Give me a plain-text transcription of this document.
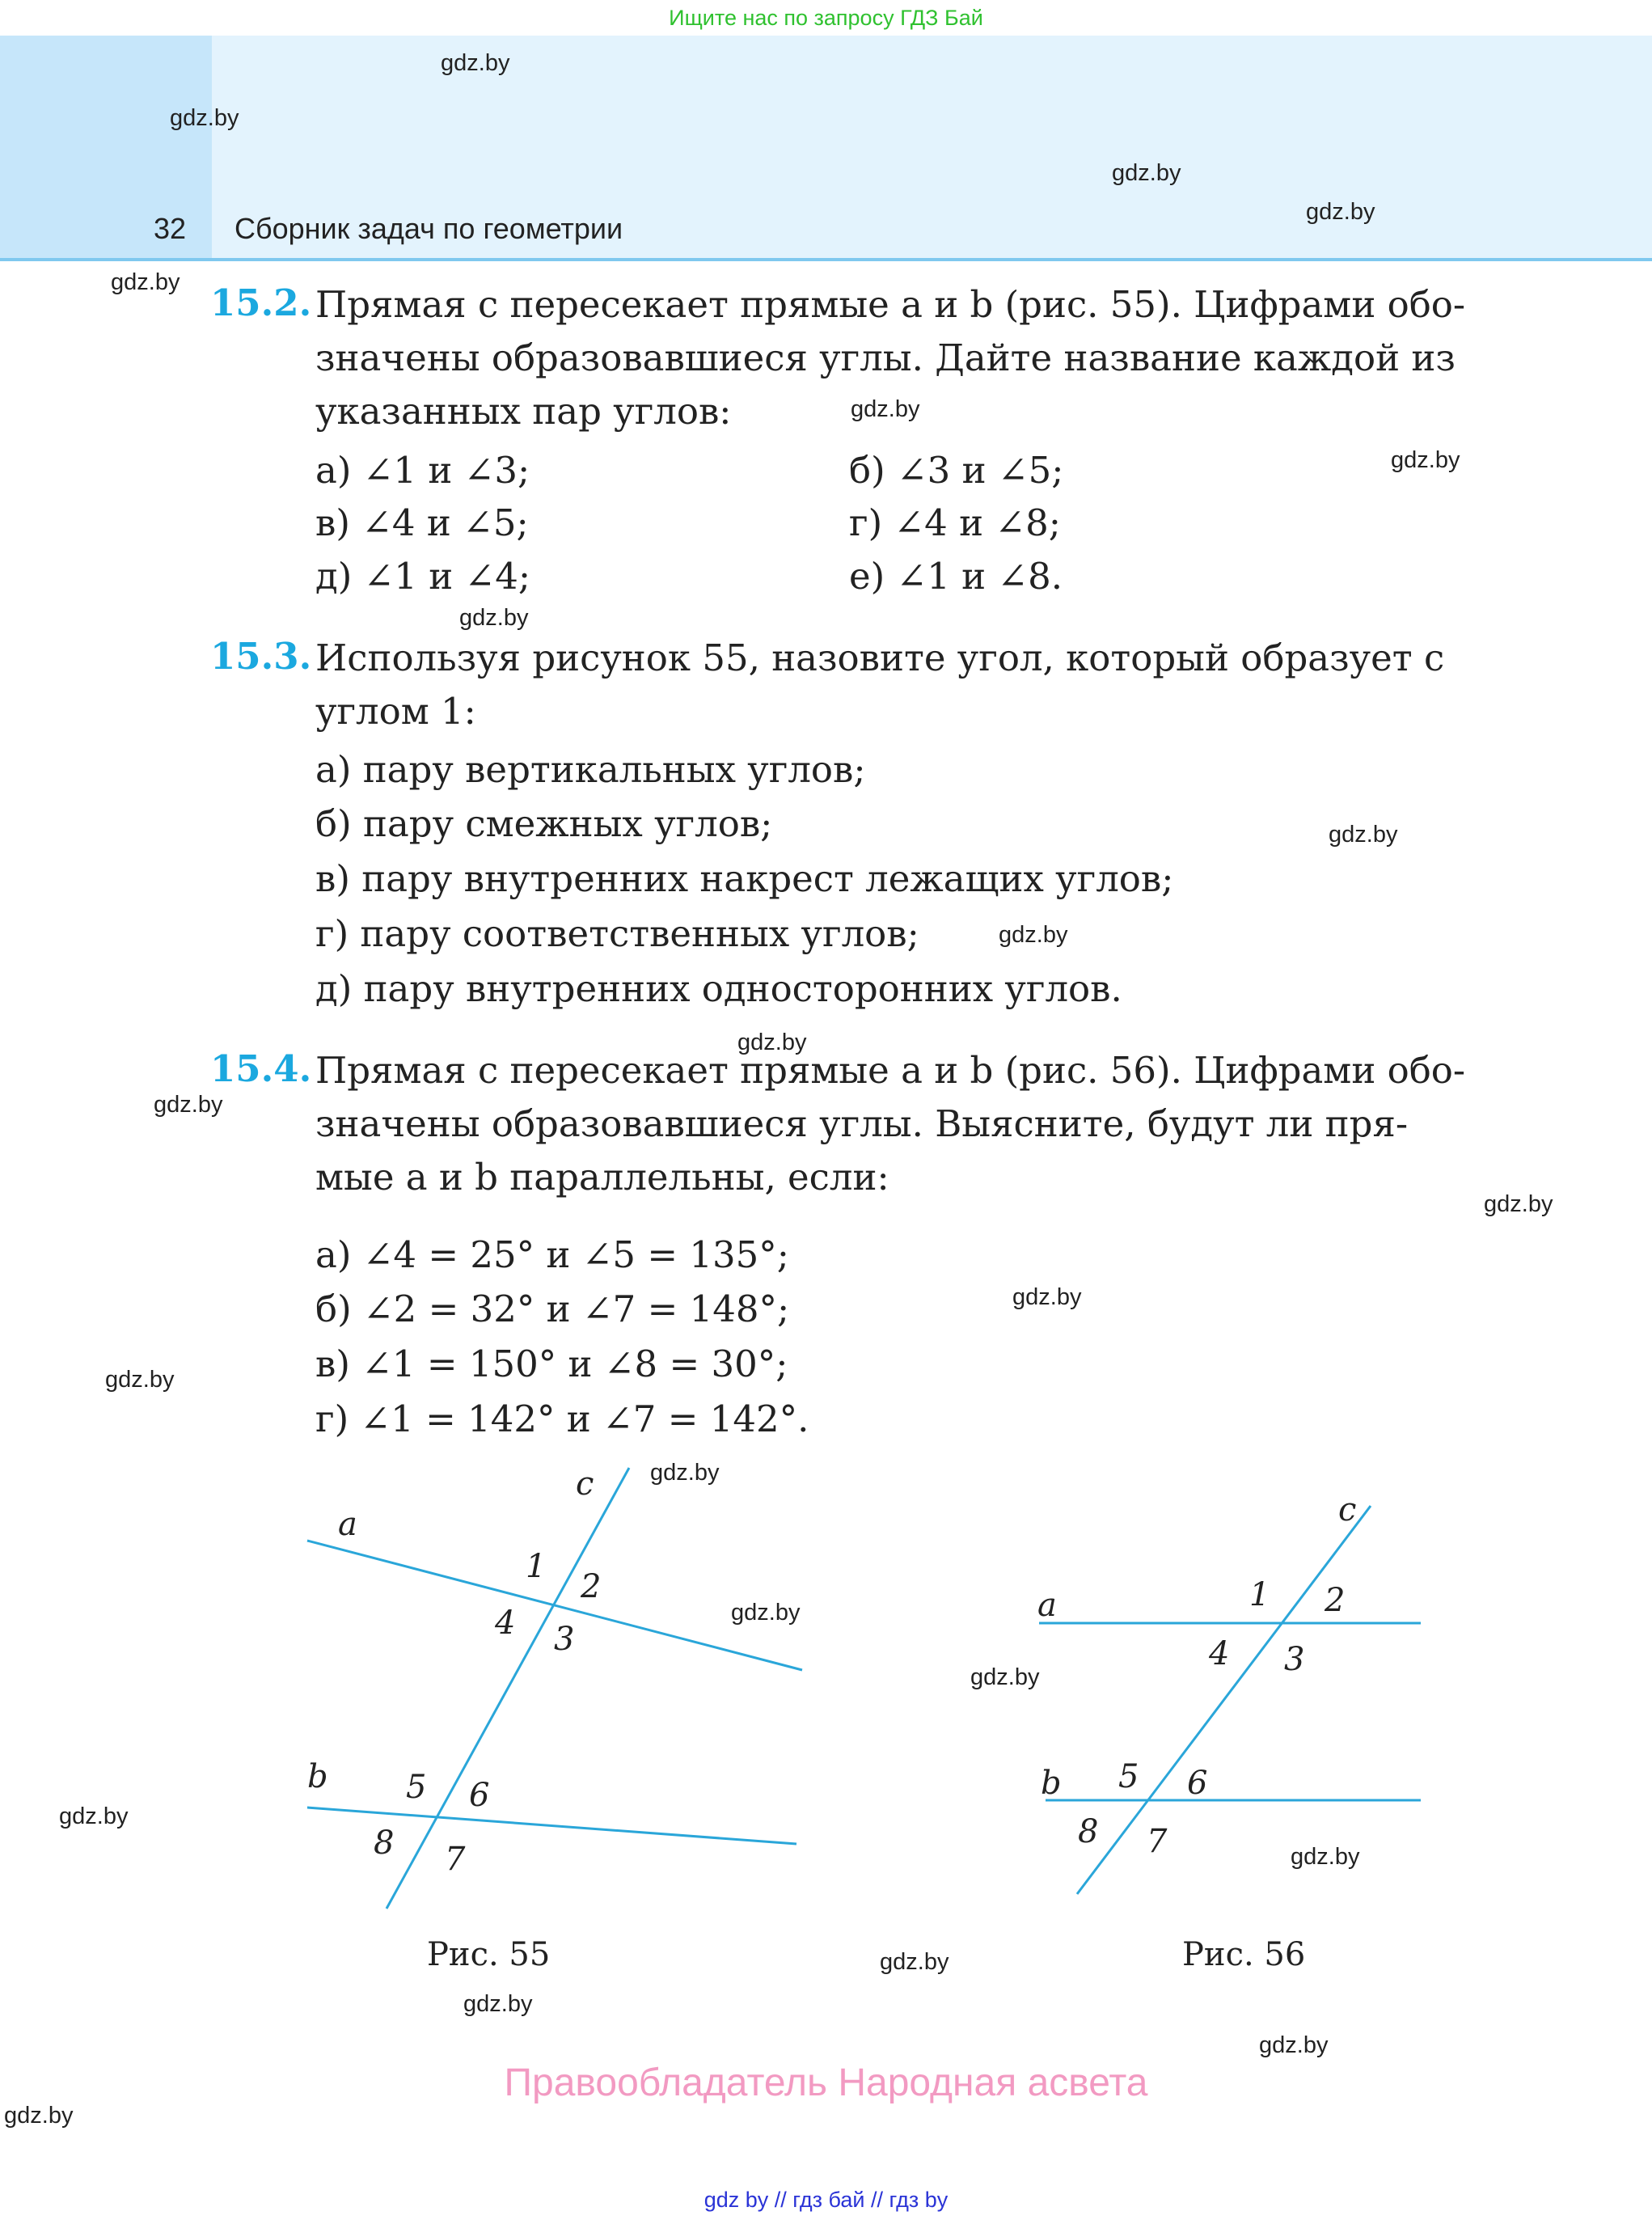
Ищите нас по запросу ГДЗ Бай
32 Сборник задач по геометрии
gdz.by
gdz.by
gdz.by
gdz.by
gdz.by
gdz.by
gdz.by
gdz.by
gdz.by
gdz.by
gdz.by
gdz.by
gdz.by
gdz.by
gdz.by
gdz.by
gdz.by
gdz.by
gdz.by
gdz.by
gdz.by
gdz.by
gdz.by
gdz.by
15.2. Прямая c пересекает прямые a и b (рис. 55). Цифрами обо-
значены образовавшиеся углы. Дайте название каждой из
указанных пар углов:
а) ∠1 и ∠3;	б) ∠3 и ∠5;
в) ∠4 и ∠5;	г) ∠4 и ∠8;
д) ∠1 и ∠4;	е) ∠1 и ∠8.
15.3. Используя рисунок 55, назовите угол, который образует с
углом 1:
а) пару вертикальных углов;
б) пару смежных углов;
в) пару внутренних накрест лежащих углов;
г) пару соответственных углов;
д) пару внутренних односторонних углов.
15.4. Прямая c пересекает прямые a и b (рис. 56). Цифрами обо-
значены образовавшиеся углы. Выясните, будут ли пря-
мые a и b параллельны, если:
а) ∠4 = 25° и ∠5 = 135°;
б) ∠2 = 32° и ∠7 = 148°;
в) ∠1 = 150° и ∠8 = 30°;
г) ∠1 = 142° и ∠7 = 142°.
a
b
c
1
2
3
4
5 6
7
8
Рис. 55
a
b
c
1 2
3
4
5 6
7
8
Рис. 56
Правообладатель Народная асвета
gdz by // гдз бай // гдз by
